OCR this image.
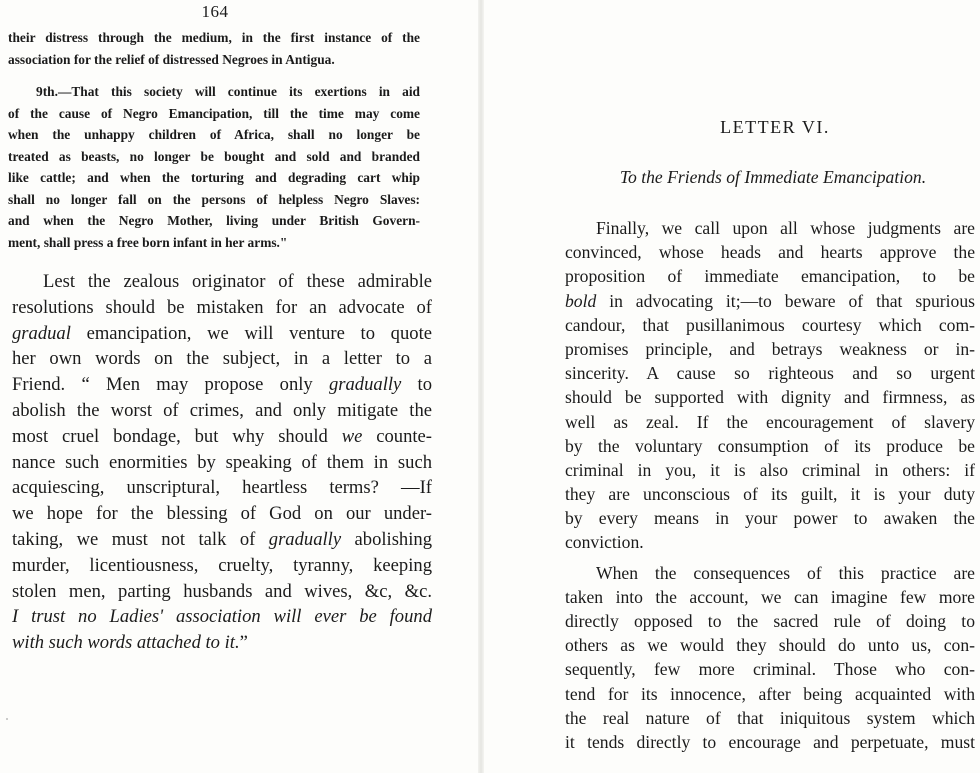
164
their distress through the medium, in the first instance of the
association for the relief of distressed Negroes in Antigua.
9th.—That this society will continue its exertions in aid
of the cause of Negro Emancipation, till the time may come
when the unhappy children of Africa, shall no longer be
treated as beasts, no longer be bought and sold and branded
like cattle; and when the torturing and degrading cart whip
shall no longer fall on the persons of helpless Negro Slaves:
and when the Negro Mother, living under British Govern-
ment, shall press a free born infant in her arms."
Lest the zealous originator of these admirable
resolutions should be mistaken for an advocate of
gradual emancipation, we will venture to quote
her own words on the subject, in a letter to a
Friend. “ Men may propose only gradually to
abolish the worst of crimes, and only mitigate the
most cruel bondage, but why should we counte-
nance such enormities by speaking of them in such
acquiescing, unscriptural, heartless terms? —If
we hope for the blessing of God on our under-
taking, we must not talk of gradually abolishing
murder, licentiousness, cruelty, tyranny, keeping
stolen men, parting husbands and wives, &c, &c.
I trust no Ladies' association will ever be found
with such words attached to it.”
LETTER VI.
To the Friends of Immediate Emancipation.
Finally, we call upon all whose judgments are
convinced, whose heads and hearts approve the
proposition of immediate emancipation, to be
bold in advocating it;—to beware of that spurious
candour, that pusillanimous courtesy which com-
promises principle, and betrays weakness or in-
sincerity. A cause so righteous and so urgent
should be supported with dignity and firmness, as
well as zeal. If the encouragement of slavery
by the voluntary consumption of its produce be
criminal in you, it is also criminal in others: if
they are unconscious of its guilt, it is your duty
by every means in your power to awaken the
conviction.
When the consequences of this practice are
taken into the account, we can imagine few more
directly opposed to the sacred rule of doing to
others as we would they should do unto us, con-
sequently, few more criminal. Those who con-
tend for its innocence, after being acquainted with
the real nature of that iniquitous system which
it tends directly to encourage and perpetuate, must
